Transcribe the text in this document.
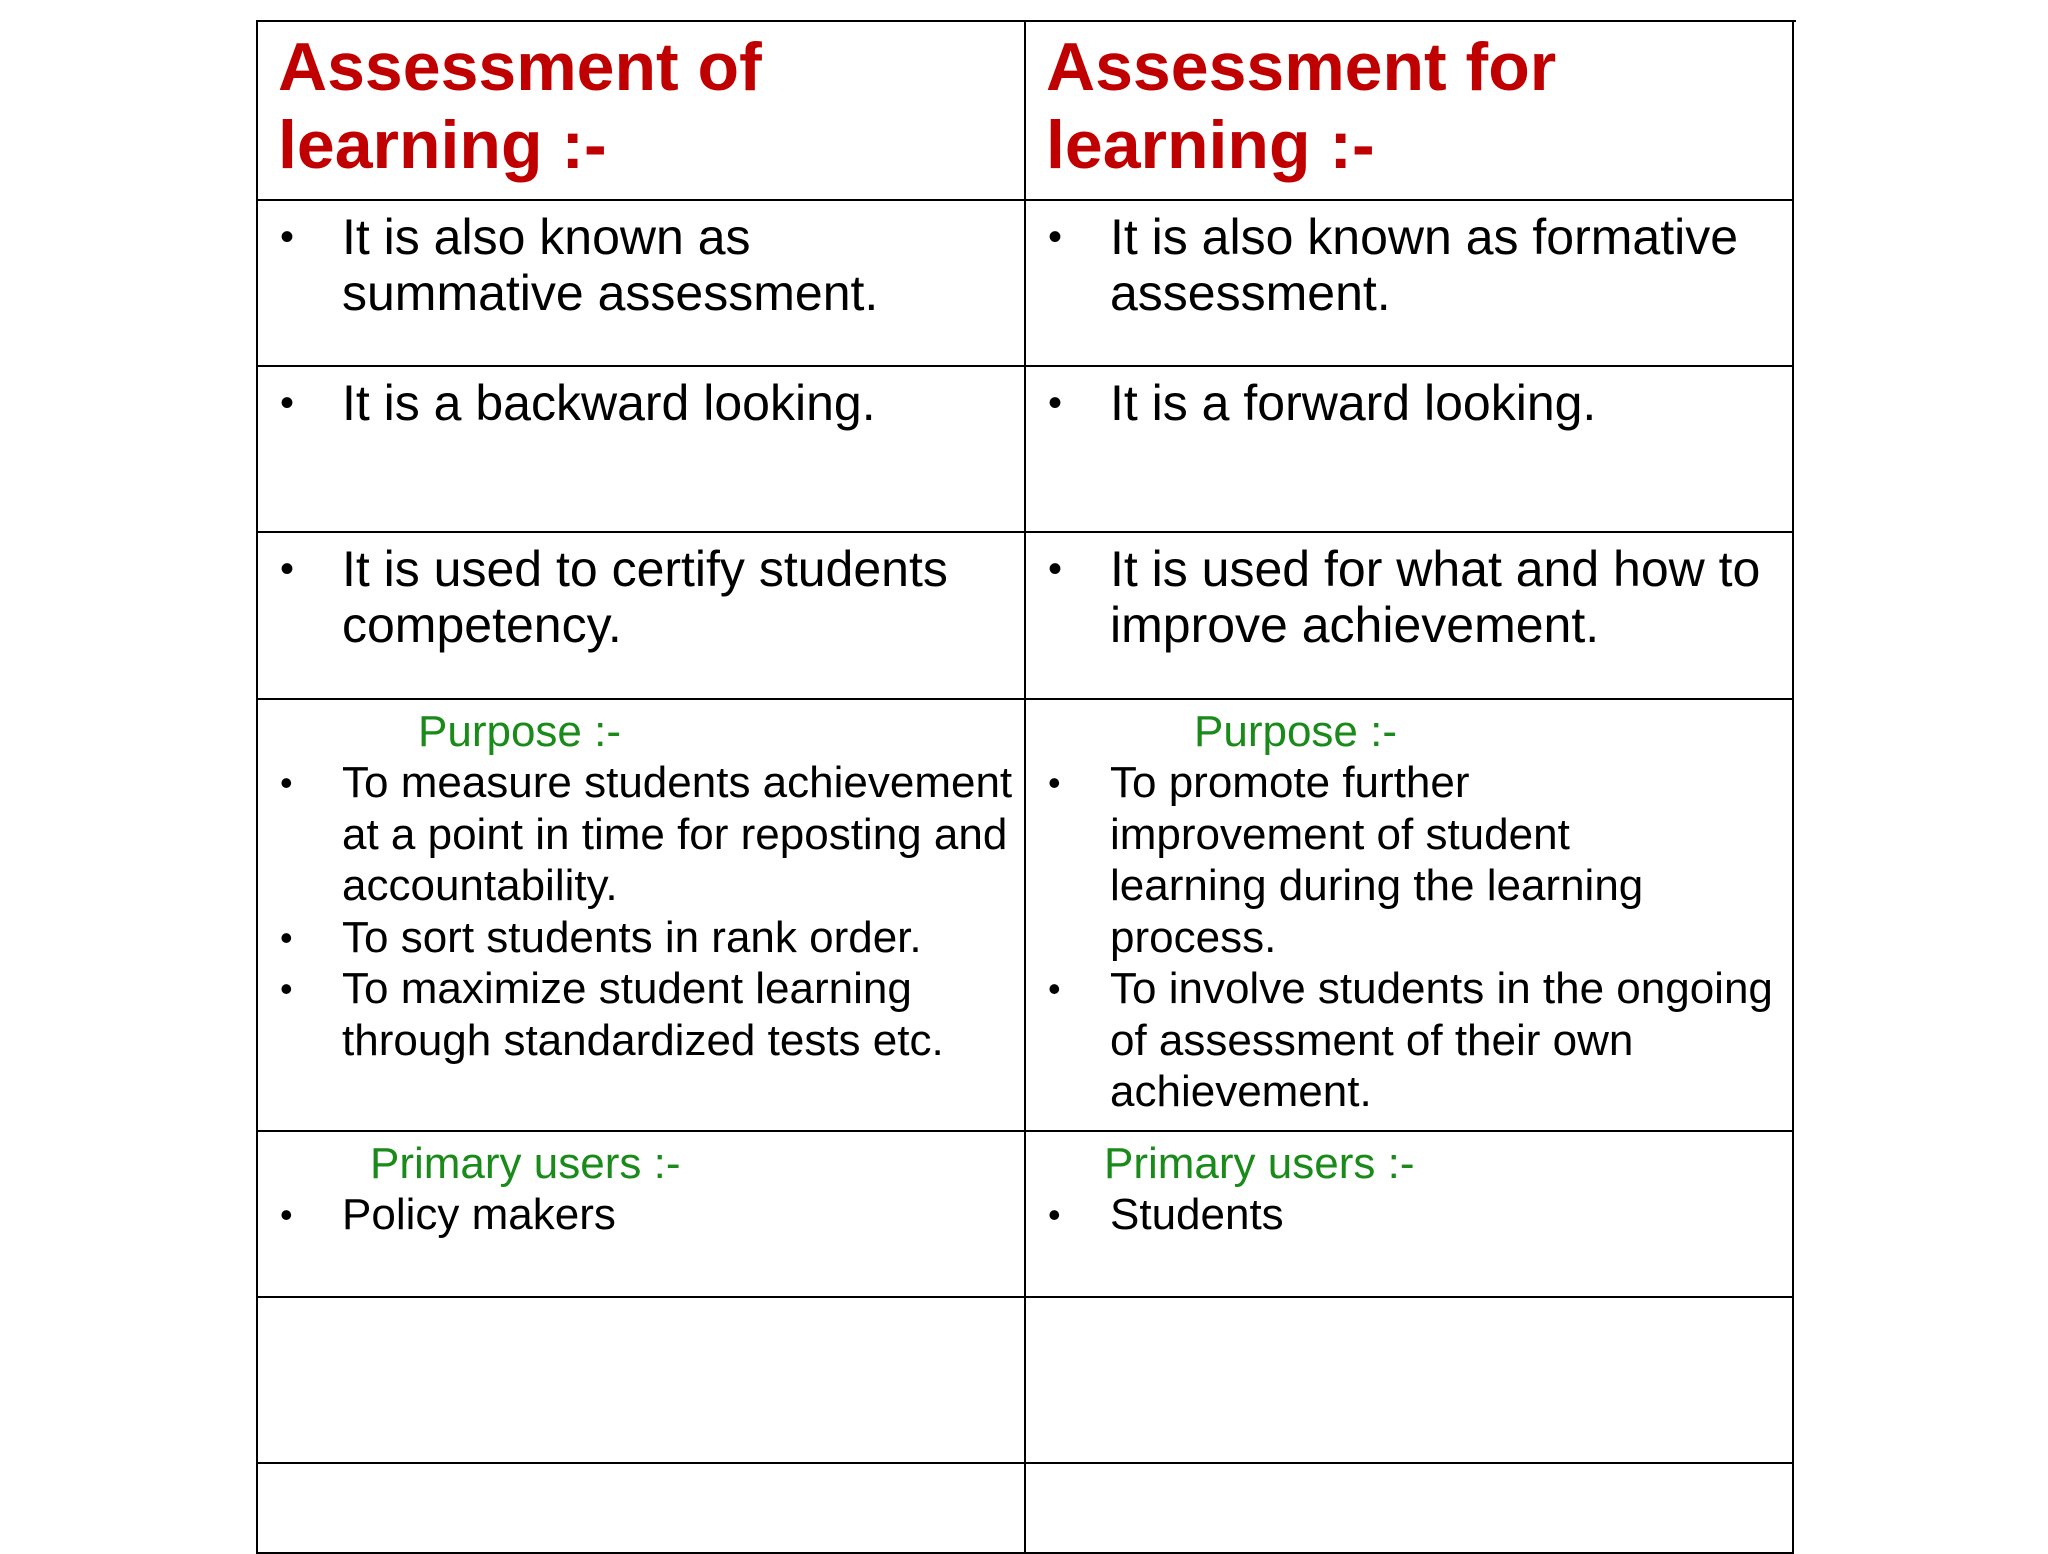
Assessment of learning :-
Assessment for learning :-
• It is also known as summative assessment.
• It is also known as formative assessment.
• It is a backward looking.	• It is a forward looking.
• It is used to certify students competency.
• It is used for what and how to improve achievement.
Purpose :-
• To measure students achievement at a point in time for reposting and accountability.
• To sort students in rank order.
• To maximize student learning through standardized tests etc.
Purpose :-
• To promote further improvement of student learning during the learning process.
• To involve students in the ongoing of assessment of their own achievement.
Primary users :-
• Policy makers
Primary users :-
• Students
